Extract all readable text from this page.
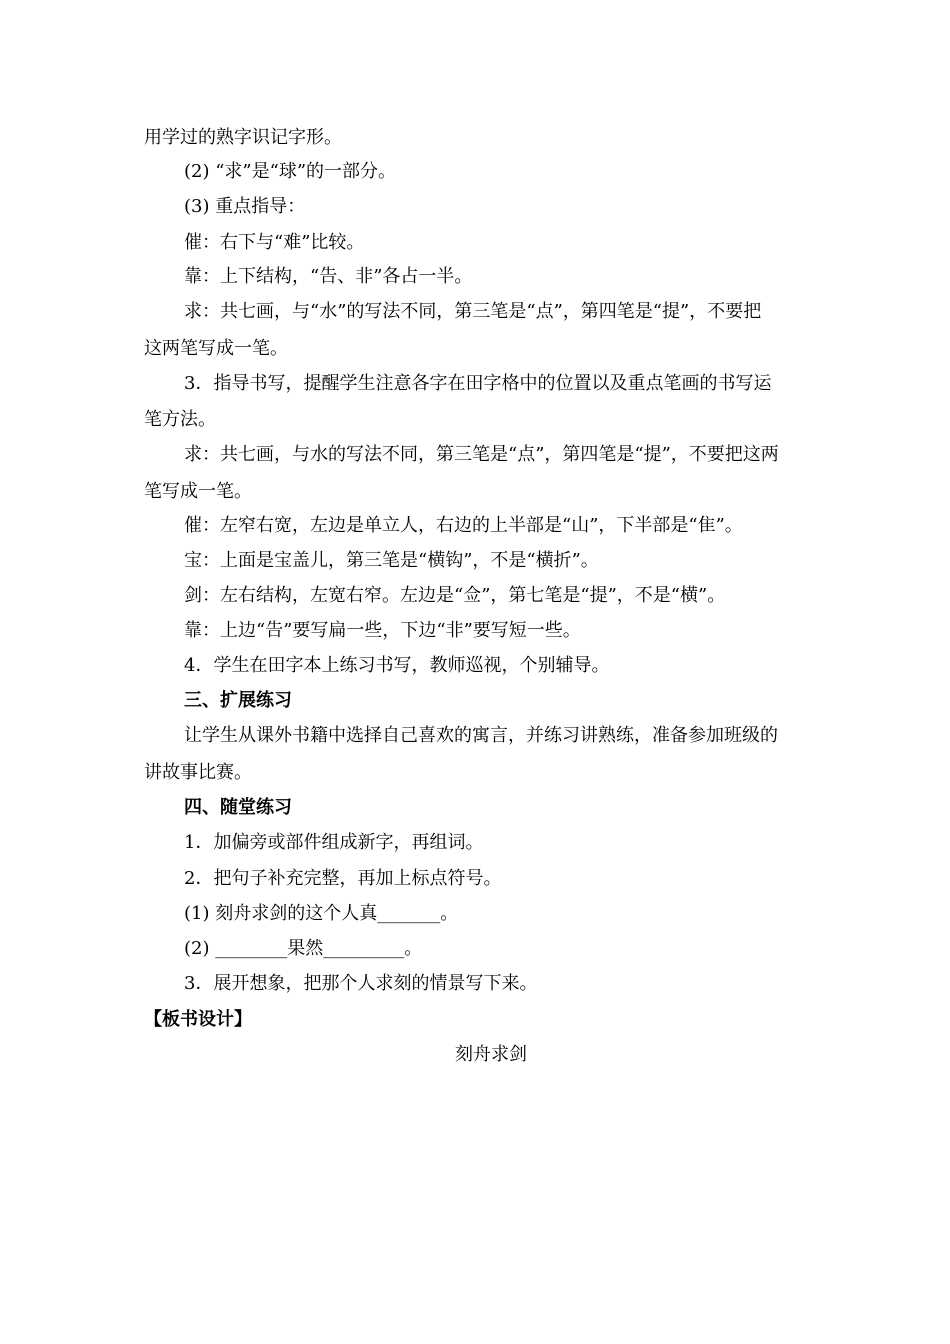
用学过的熟字识记字形。
(2) “求”是“球”的一部分。
(3) 重点指导：
催：右下与“难”比较。
靠：上下结构，“告、非”各占一半。
求：共七画，与“水”的写法不同，第三笔是“点”，第四笔是“提”，不要把
这两笔写成一笔。
3．指导书写，提醒学生注意各字在田字格中的位置以及重点笔画的书写运
笔方法。
求：共七画，与水的写法不同，第三笔是“点”，第四笔是“提”，不要把这两
笔写成一笔。
催：左窄右宽，左边是单立人，右边的上半部是“山”，下半部是“隹”。
宝：上面是宝盖儿，第三笔是“横钩”，不是“横折”。
剑：左右结构，左宽右窄。左边是“佥”，第七笔是“提”，不是“横”。
靠：上边“告”要写扁一些，下边“非”要写短一些。
4．学生在田字本上练习书写，教师巡视，个别辅导。
三、扩展练习
让学生从课外书籍中选择自己喜欢的寓言，并练习讲熟练，准备参加班级的
讲故事比赛。
四、随堂练习
1．加偏旁或部件组成新字，再组词。
2．把句子补充完整，再加上标点符号。
(1) 刻舟求剑的这个人真_______。
(2) ________果然_________。
3．展开想象，把那个人求刻的情景写下来。
【板书设计】
刻舟求剑
